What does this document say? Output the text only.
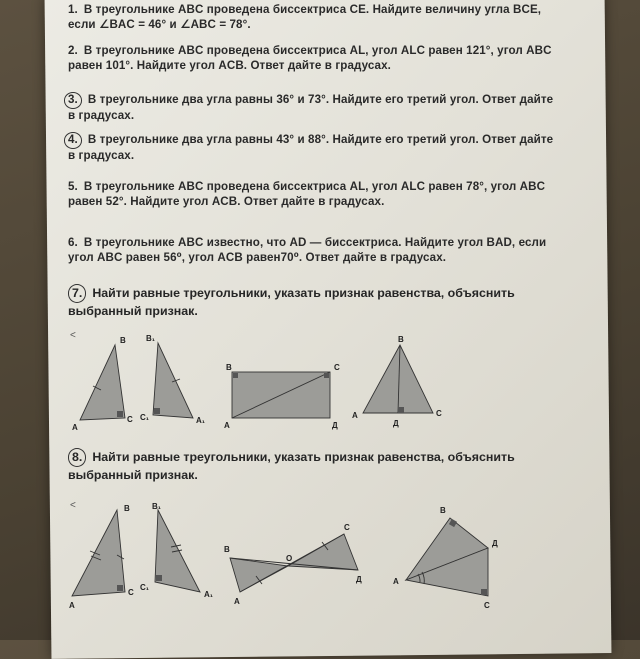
1. В треугольнике ABC проведена биссектриса CE. Найдите величину угла BCE, если ∠BAC = 46° и ∠ABC = 78°.
2. В треугольнике ABC проведена биссектриса AL, угол ALC равен 121°, угол ABC равен 101°. Найдите угол ACB. Ответ дайте в градусах.
3. В треугольнике два угла равны 36° и 73°. Найдите его третий угол. Ответ дайте в градусах.
4. В треугольнике два угла равны 43° и 88°. Найдите его третий угол. Ответ дайте в градусах.
5. В треугольнике ABC проведена биссектриса AL, угол ALC равен 78°, угол ABC равен 52°. Найдите угол ACB. Ответ дайте в градусах.
6. В треугольнике ABC известно, что AD — биссектриса. Найдите угол BAD, если угол ABC равен 56⁰, угол ACB равен70⁰. Ответ дайте в градусах.
7. Найти равные треугольники, указать признак равенства, объяснить выбранный признак.
˂	В
А
С
В₁
С₁	А₁
В	С
А	Д
В
А
Д
С
8. Найти равные треугольники, указать признак равенства, объяснить выбранный признак.
˂	В
А
С
В₁
С₁
А₁
В
С
О
А
Д
В
Д
А
С
